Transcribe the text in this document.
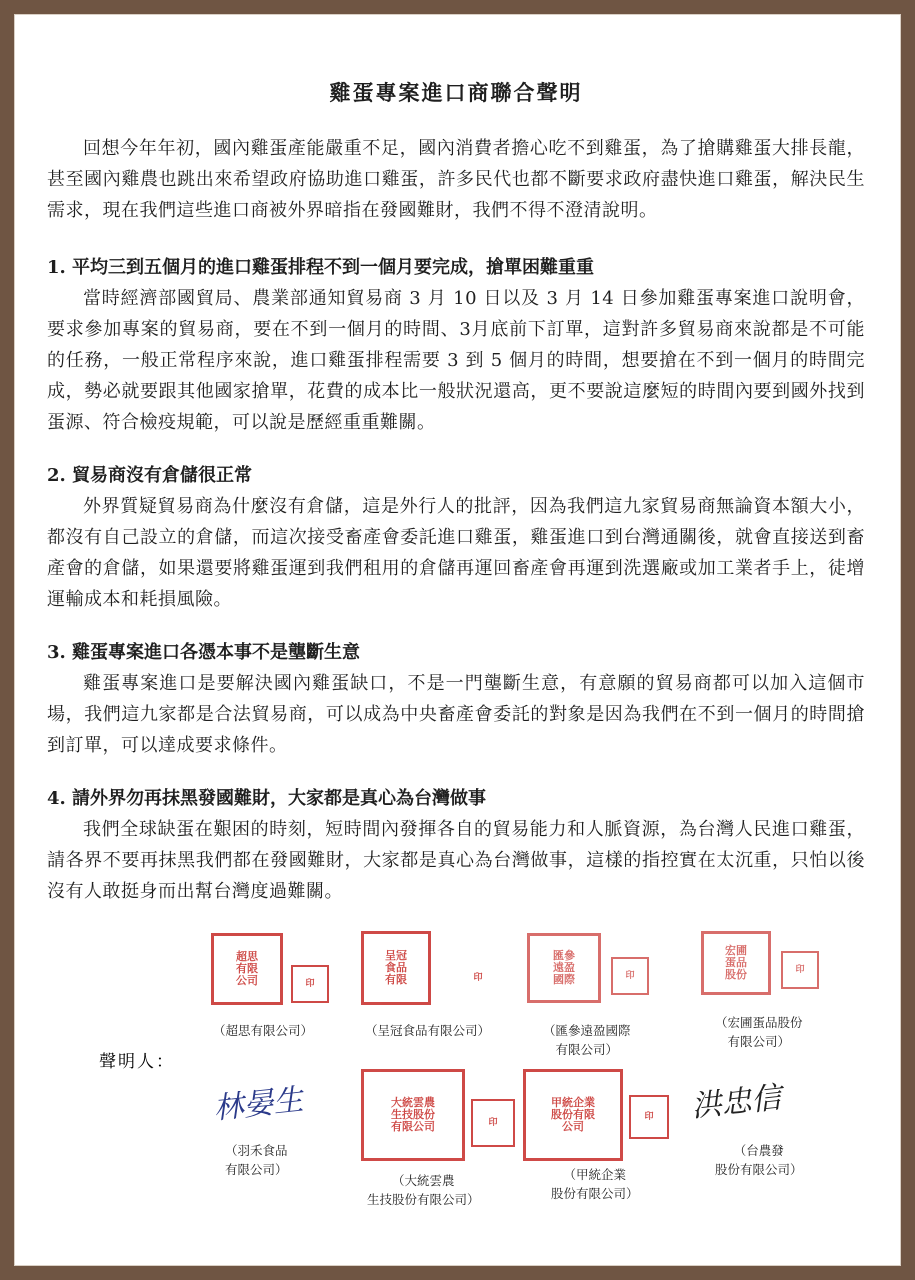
雞蛋專案進口商聯合聲明

回想今年年初，國內雞蛋產能嚴重不足，國內消費者擔心吃不到雞蛋，為了搶購雞蛋大排長龍，甚至國內雞農也跳出來希望政府協助進口雞蛋，許多民代也都不斷要求政府盡快進口雞蛋，解決民生需求，現在我們這些進口商被外界暗指在發國難財，我們不得不澄清說明。

1. 平均三到五個月的進口雞蛋排程不到一個月要完成，搶單困難重重

當時經濟部國貿局、農業部通知貿易商 3 月 10 日以及 3 月 14 日參加雞蛋專案進口說明會，要求參加專案的貿易商，要在不到一個月的時間、3月底前下訂單，這對許多貿易商來說都是不可能的任務，一般正常程序來說，進口雞蛋排程需要 3 到 5 個月的時間，想要搶在不到一個月的時間完成，勢必就要跟其他國家搶單，花費的成本比一般狀況還高，更不要說這麼短的時間內要到國外找到蛋源、符合檢疫規範，可以說是歷經重重難關。

2. 貿易商沒有倉儲很正常

外界質疑貿易商為什麼沒有倉儲，這是外行人的批評，因為我們這九家貿易商無論資本額大小，都沒有自己設立的倉儲，而這次接受畜產會委託進口雞蛋，雞蛋進口到台灣通關後，就會直接送到畜產會的倉儲，如果還要將雞蛋運到我們租用的倉儲再運回畜產會再運到洗選廠或加工業者手上，徒增運輸成本和耗損風險。

3. 雞蛋專案進口各憑本事不是壟斷生意

雞蛋專案進口是要解決國內雞蛋缺口，不是一門壟斷生意，有意願的貿易商都可以加入這個市場，我們這九家都是合法貿易商，可以成為中央畜產會委託的對象是因為我們在不到一個月的時間搶到訂單，可以達成要求條件。

4. 請外界勿再抹黑發國難財，大家都是真心為台灣做事

我們全球缺蛋在艱困的時刻，短時間內發揮各自的貿易能力和人脈資源，為台灣人民進口雞蛋，請各界不要再抹黑我們都在發國難財，大家都是真心為台灣做事，這樣的指控實在太沉重，只怕以後沒有人敢挺身而出幫台灣度過難關。

超思
有限
公司	印
（超思有限公司）
呈冠
食品
有限	印
（呈冠食品有限公司）
匯參
遠盈
國際	印
（匯參遠盈國際
有限公司）
宏圃
蛋品
股份	印
（宏圃蛋品股份
有限公司）
聲明人：
林晏生
（羽禾食品
有限公司）
大統雲農
生技股份
有限公司	印
（大統雲農
生技股份有限公司）
甲統企業
股份有限
公司
印
（甲統企業
股份有限公司）
洪忠信
（台農發
股份有限公司）
